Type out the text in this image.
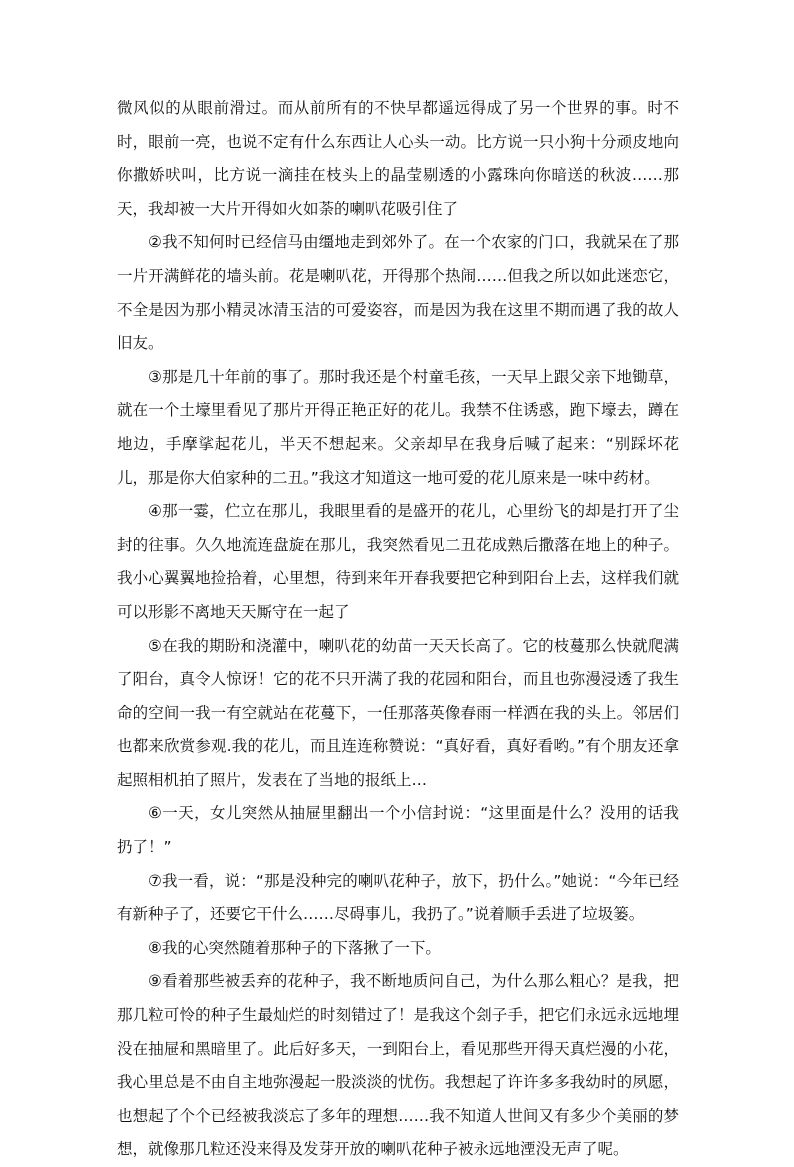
微风似的从眼前滑过。而从前所有的不快早都遥远得成了另一个世界的事。时不时，眼前一亮，也说不定有什么东西让人心头一动。比方说一只小狗十分顽皮地向你撒娇吠叫，比方说一滴挂在枝头上的晶莹剔透的小露珠向你暗送的秋波……那天，我却被一大片开得如火如荼的喇叭花吸引住了

②我不知何时已经信马由缰地走到郊外了。在一个农家的门口，我就呆在了那一片开满鲜花的墙头前。花是喇叭花，开得那个热闹……但我之所以如此迷恋它，不全是因为那小精灵冰清玉洁的可爱姿容，而是因为我在这里不期而遇了我的故人旧友。

③那是几十年前的事了。那时我还是个村童毛孩，一天早上跟父亲下地锄草，就在一个土壕里看见了那片开得正艳正好的花儿。我禁不住诱惑，跑下壕去，蹲在地边，手摩挲起花儿，半天不想起来。父亲却早在我身后喊了起来：“别踩坏花儿，那是你大伯家种的二丑。”我这才知道这一地可爱的花儿原来是一味中药材。

④那一霎，伫立在那儿，我眼里看的是盛开的花儿，心里纷飞的却是打开了尘封的往事。久久地流连盘旋在那儿，我突然看见二丑花成熟后撒落在地上的种子。我小心翼翼地捡拾着，心里想，待到来年开春我要把它种到阳台上去，这样我们就可以形影不离地天天厮守在一起了

⑤在我的期盼和浇灌中，喇叭花的幼苗一天天长高了。它的枝蔓那么快就爬满了阳台，真令人惊讶！它的花不只开满了我的花园和阳台，而且也弥漫浸透了我生命的空间一我一有空就站在花蔓下，一任那落英像春雨一样洒在我的头上。邻居们也都来欣赏参观.我的花儿，而且连连称赞说：“真好看，真好看哟。”有个朋友还拿起照相机拍了照片，发表在了当地的报纸上…

⑥一天，女儿突然从抽屉里翻出一个小信封说：“这里面是什么？没用的话我扔了！”

⑦我一看，说：“那是没种完的喇叭花种子，放下，扔什么。”她说：“今年已经有新种子了，还要它干什么……尽碍事儿，我扔了。”说着顺手丢进了垃圾篓。

⑧我的心突然随着那种子的下落揪了一下。

⑨看着那些被丢弃的花种子，我不断地质问自己，为什么那么粗心？是我，把那几粒可怜的种子生最灿烂的时刻错过了！是我这个刽子手，把它们永远永远地埋没在抽屉和黑暗里了。此后好多天，一到阳台上，看见那些开得天真烂漫的小花，我心里总是不由自主地弥漫起一股淡淡的忧伤。我想起了许许多多我幼时的夙愿，也想起了个个已经被我淡忘了多年的理想……我不知道人世间又有多少个美丽的梦想，就像那几粒还没来得及发芽开放的喇叭花种子被永远地湮没无声了呢。
